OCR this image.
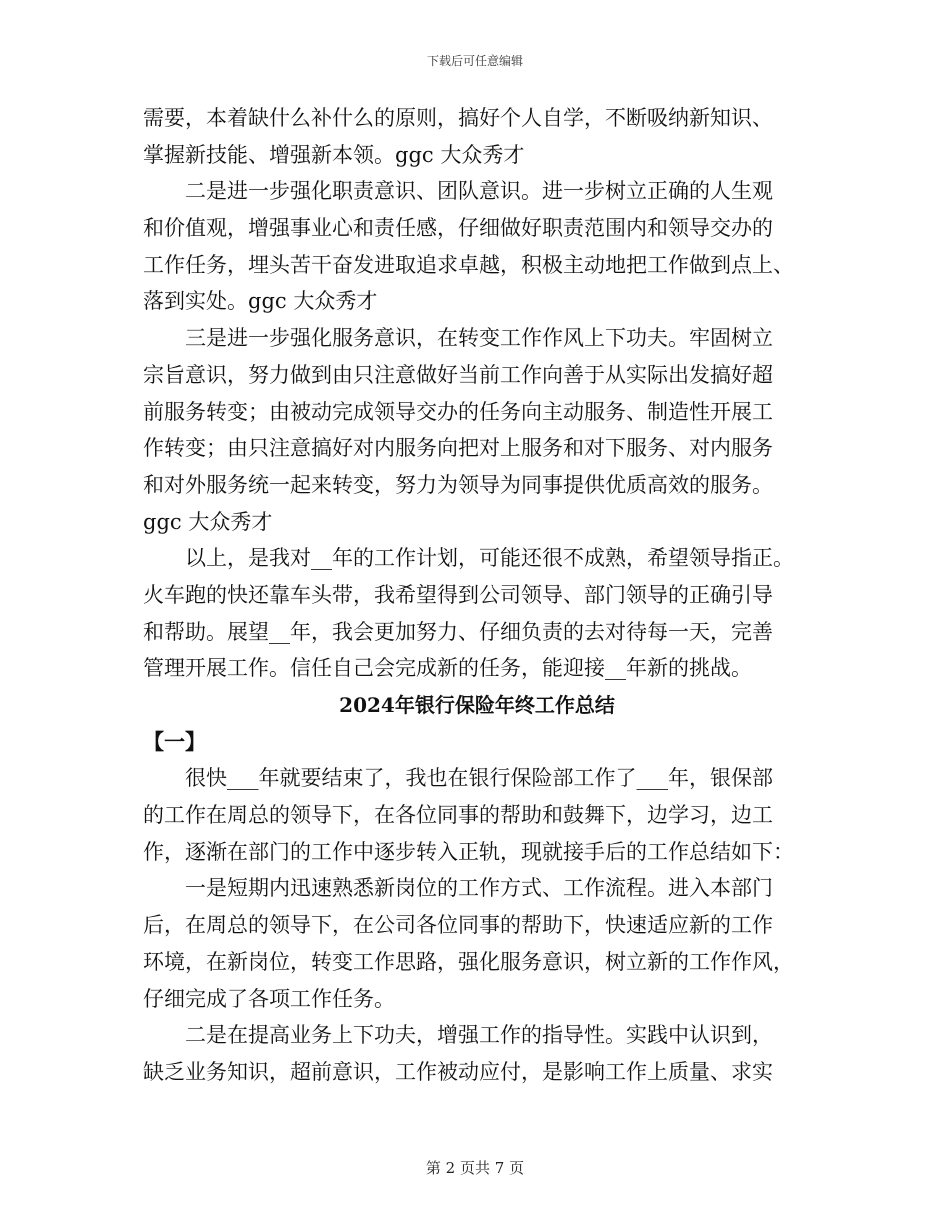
下载后可任意编辑
需要，本着缺什么补什么的原则，搞好个人自学，不断吸纳新知识、
掌握新技能、增强新本领。ggc 大众秀才
二是进一步强化职责意识、团队意识。进一步树立正确的人生观
和价值观，增强事业心和责任感，仔细做好职责范围内和领导交办的
工作任务，埋头苦干奋发进取追求卓越，积极主动地把工作做到点上、
落到实处。ggc 大众秀才
三是进一步强化服务意识，在转变工作作风上下功夫。牢固树立
宗旨意识，努力做到由只注意做好当前工作向善于从实际出发搞好超
前服务转变；由被动完成领导交办的任务向主动服务、制造性开展工
作转变；由只注意搞好对内服务向把对上服务和对下服务、对内服务
和对外服务统一起来转变，努力为领导为同事提供优质高效的服务。
ggc 大众秀才
以上，是我对__年的工作计划，可能还很不成熟，希望领导指正。
火车跑的快还靠车头带，我希望得到公司领导、部门领导的正确引导
和帮助。展望__年，我会更加努力、仔细负责的去对待每一天，完善
管理开展工作。信任自己会完成新的任务，能迎接__年新的挑战。
2024年银行保险年终工作总结
【一】
很快___年就要结束了，我也在银行保险部工作了___年，银保部
的工作在周总的领导下，在各位同事的帮助和鼓舞下，边学习，边工
作，逐渐在部门的工作中逐步转入正轨，现就接手后的工作总结如下：
一是短期内迅速熟悉新岗位的工作方式、工作流程。进入本部门
后，在周总的领导下，在公司各位同事的帮助下，快速适应新的工作
环境，在新岗位，转变工作思路，强化服务意识，树立新的工作作风，
仔细完成了各项工作任务。
二是在提高业务上下功夫，增强工作的指导性。实践中认识到，
缺乏业务知识，超前意识，工作被动应付，是影响工作上质量、求实
第 2 页共 7 页
